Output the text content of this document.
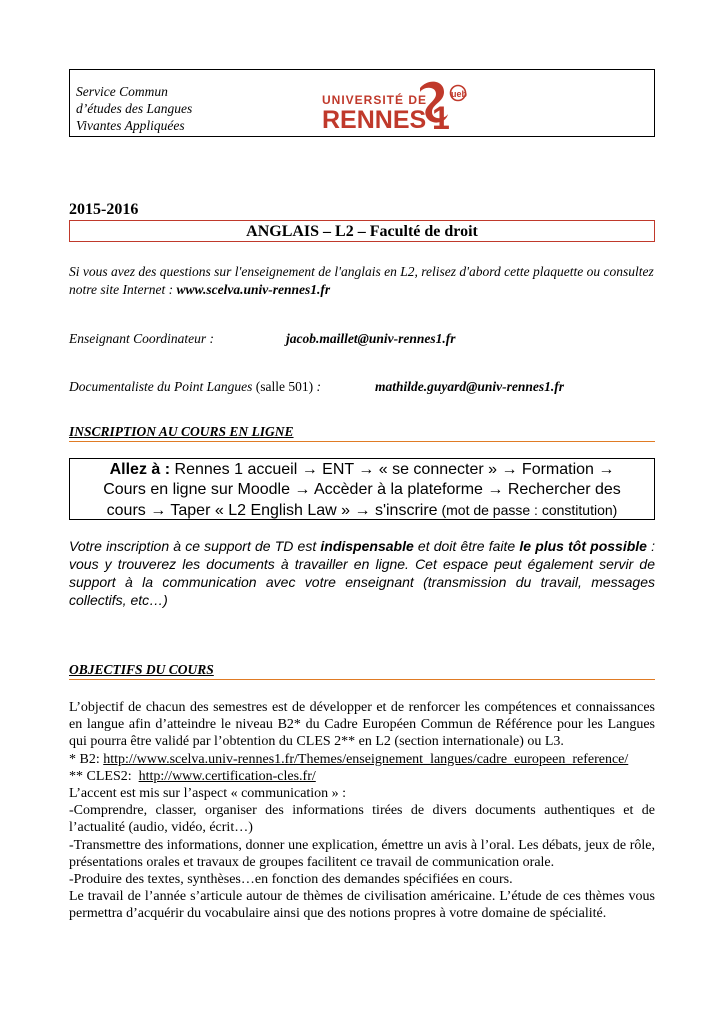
Service Commun
d’études des Langues
Vivantes Appliquées
UNIVERSITÉ DE
RENNES 1
ueb
2015-2016
ANGLAIS – L2 – Faculté de droit
Si vous avez des questions sur l'enseignement de l'anglais en L2, relisez d'abord cette plaquette ou consultez notre site Internet : www.scelva.univ-rennes1.fr
Enseignant Coordinateur :	jacob.maillet@univ-rennes1.fr
Documentaliste du Point Langues (salle 501) :	mathilde.guyard@univ-rennes1.fr
INSCRIPTION AU COURS EN LIGNE
Allez à : Rennes 1 accueil → ENT → « se connecter » → Formation →
Cours en ligne sur Moodle → Accèder à la plateforme → Rechercher des
cours → Taper « L2 English Law » → s'inscrire (mot de passe : constitution)
Votre inscription à ce support de TD est indispensable et doit être faite le plus tôt possible : vous y trouverez les documents à travailler en ligne. Cet espace peut également servir de support à la communication avec votre enseignant (transmission du travail, messages collectifs, etc…)
OBJECTIFS DU COURS

L’objectif de chacun des semestres est de développer et de renforcer les compétences et connaissances en langue afin d’atteindre le niveau B2* du Cadre Européen Commun de Référence pour les Langues qui pourra être validé par l’obtention du CLES 2** en L2 (section internationale) ou L3.

* B2: http://www.scelva.univ-rennes1.fr/Themes/enseignement_langues/cadre_europeen_reference/

** CLES2:  http://www.certification-cles.fr/

L’accent est mis sur l’aspect « communication » :

-Comprendre, classer, organiser des informations tirées de divers documents authentiques et de l’actualité (audio, vidéo, écrit…)

-Transmettre des informations, donner une explication, émettre un avis à l’oral. Les débats, jeux de rôle, présentations orales et travaux de groupes facilitent ce travail de communication orale.

-Produire des textes, synthèses…en fonction des demandes spécifiées en cours.

Le travail de l’année s’articule autour de thèmes de civilisation américaine. L’étude de ces thèmes vous permettra d’acquérir du vocabulaire ainsi que des notions propres à votre domaine de spécialité.
